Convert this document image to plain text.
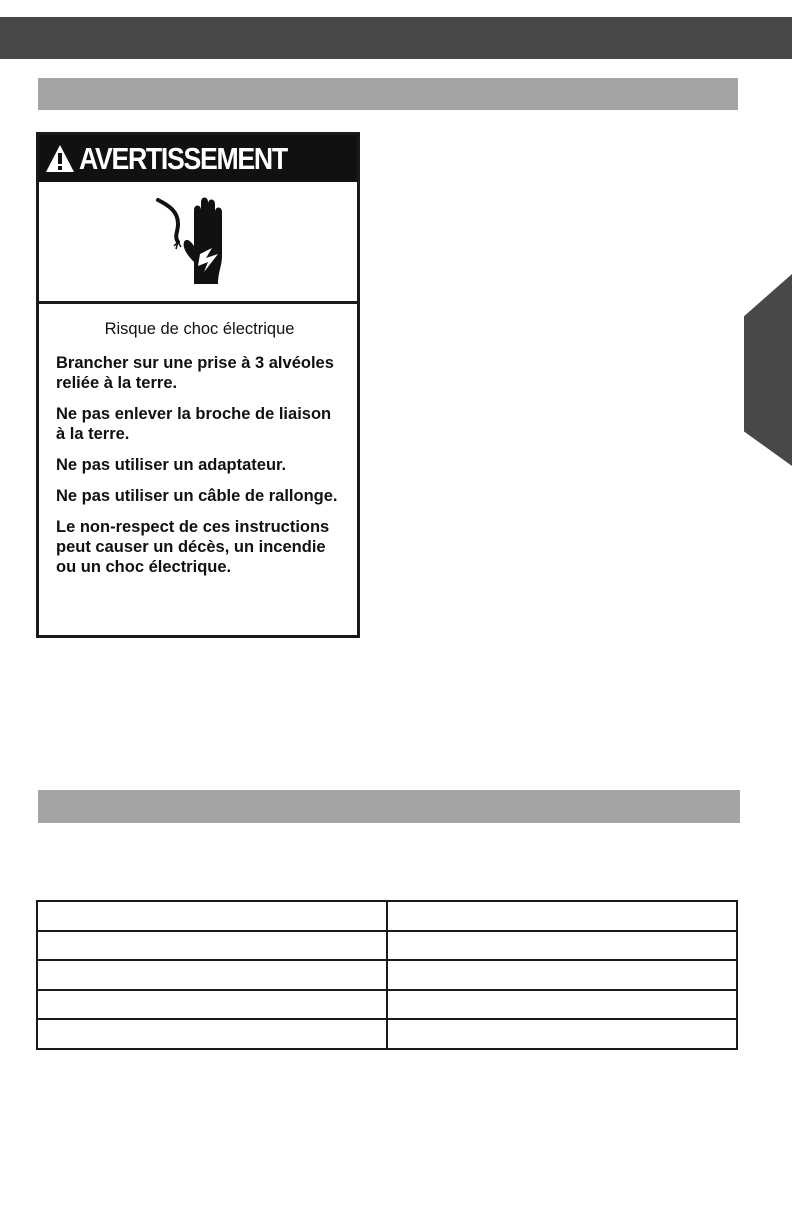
AVERTISSEMENT

Risque de choc électrique

Brancher sur une prise à 3 alvéoles reliée à la terre.

Ne pas enlever la broche de liaison à la terre.

Ne pas utiliser un adaptateur.

Ne pas utiliser un câble de rallonge.

Le non-respect de ces instructions peut causer un décès, un incendie ou un choc électrique.
